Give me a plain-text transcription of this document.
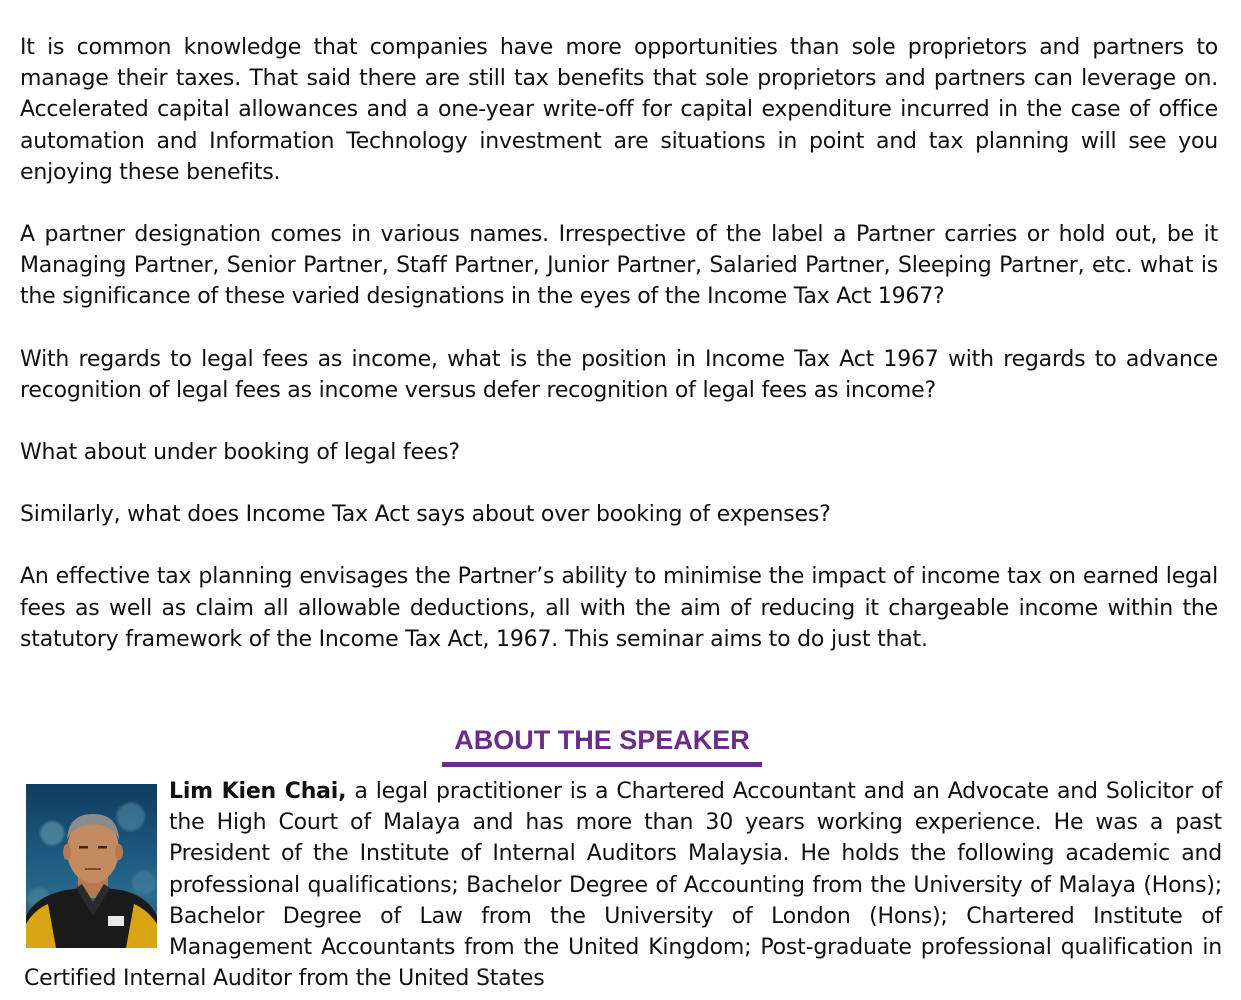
It is common knowledge that companies have more opportunities than sole proprietors and partners to manage their taxes. That said there are still tax benefits that sole proprietors and partners can leverage on. Accelerated capital allowances and a one-year write-off for capital expenditure incurred in the case of office automation and Information Technology investment are situations in point and tax planning will see you enjoying these benefits.

A partner designation comes in various names. Irrespective of the label a Partner carries or hold out, be it Managing Partner, Senior Partner, Staff Partner, Junior Partner, Salaried Partner, Sleeping Partner, etc. what is the significance of these varied designations in the eyes of the Income Tax Act 1967?

With regards to legal fees as income, what is the position in Income Tax Act 1967 with regards to advance recognition of legal fees as income versus defer recognition of legal fees as income?

What about under booking of legal fees?

Similarly, what does Income Tax Act says about over booking of expenses?

An effective tax planning envisages the Partner’s ability to minimise the impact of income tax on earned legal fees as well as claim all allowable deductions, all with the aim of reducing it chargeable income within the statutory framework of the Income Tax Act, 1967. This seminar aims to do just that.

ABOUT THE SPEAKER

Lim Kien Chai, a legal practitioner is a Chartered Accountant and an Advocate and Solicitor of the High Court of Malaya and has more than 30 years working experience. He was a past President of the Institute of Internal Auditors Malaysia. He holds the following academic and professional qualifications; Bachelor Degree of Accounting from the University of Malaya (Hons); Bachelor Degree of Law from the University of London (Hons); Chartered Institute of Management Accountants from the United Kingdom; Post-graduate professional qualification in Certified Internal Auditor from the United States
